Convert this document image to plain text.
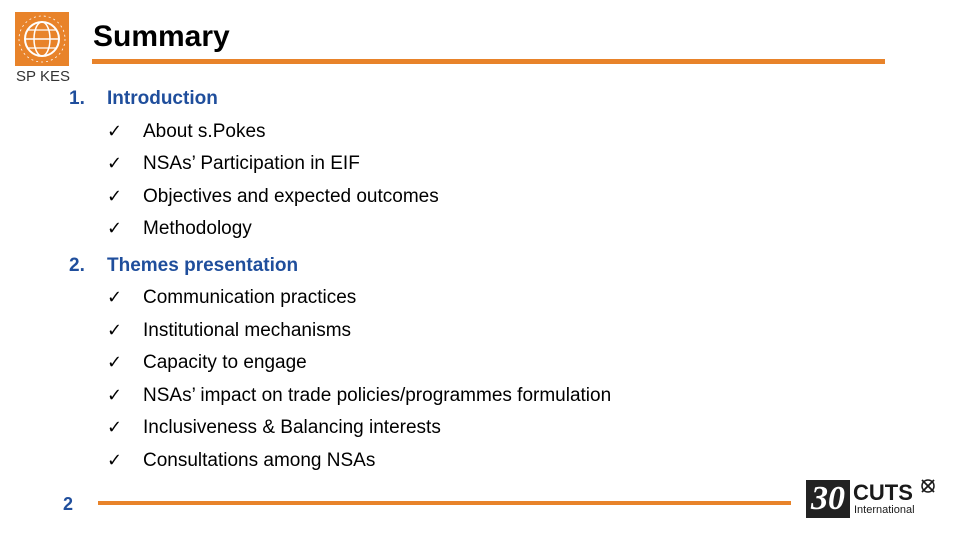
SP KES
Summary
1. Introduction
✓ About s.Pokes
✓ NSAs’ Participation in EIF
✓ Objectives and expected outcomes
✓ Methodology
2. Themes presentation
✓ Communication practices
✓ Institutional mechanisms
✓ Capacity to engage
✓ NSAs’ impact on trade policies/programmes formulation
✓ Inclusiveness & Balancing interests
✓ Consultations among NSAs
2	30 CUTS
International
